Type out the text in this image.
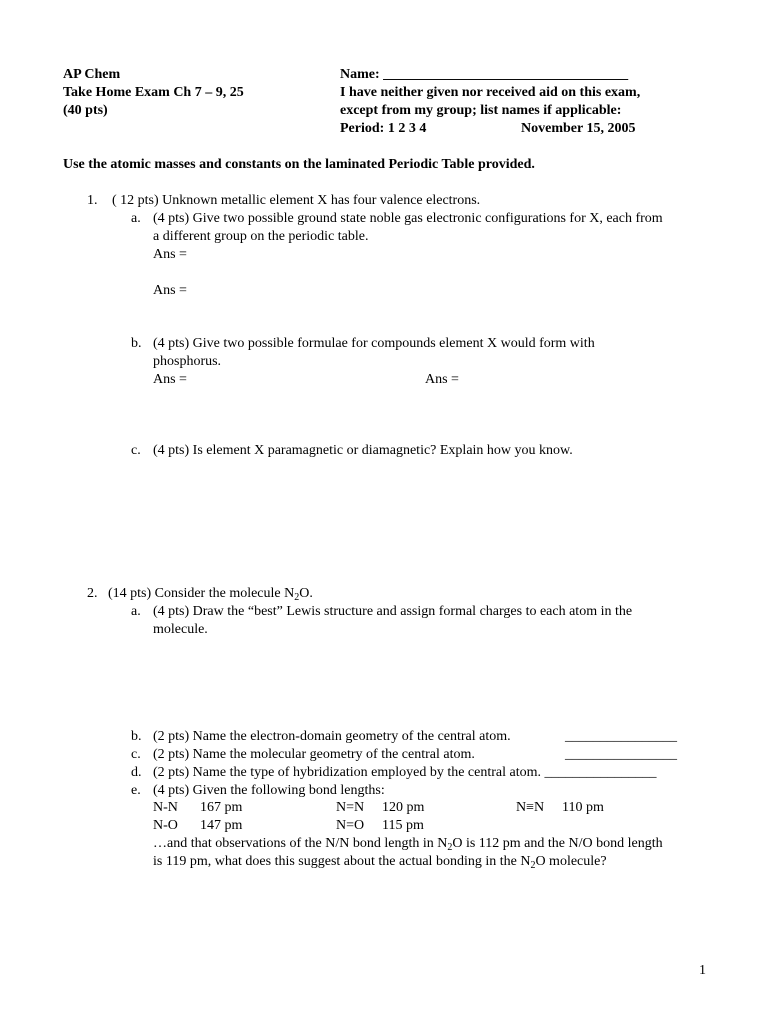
AP Chem
Take Home Exam Ch 7 – 9, 25
(40 pts)
Name: ___________________________________
I have neither given nor received aid on this exam,
except from my group; list names if applicable:
Period: 1 2 3 4	November 15, 2005
Use the atomic masses and constants on the laminated Periodic Table provided.
1. ( 12 pts) Unknown metallic element X has four valence electrons.
a. (4 pts) Give two possible ground state noble gas electronic configurations for X, each from
a different group on the periodic table.
Ans =
Ans =
b. (4 pts) Give two possible formulae for compounds element X would form with
phosphorus.
Ans =	Ans =
c. (4 pts) Is element X paramagnetic or diamagnetic? Explain how you know.
2. (14 pts) Consider the molecule $N_2O$.
a. (4 pts) Draw the “best” Lewis structure and assign formal charges to each atom in the
molecule.
b. (2 pts) Name the electron-domain geometry of the central atom.	________________
c. (2 pts) Name the molecular geometry of the central atom.	________________
d. (2 pts) Name the type of hybridization employed by the central atom. ________________
e. (4 pts) Given the following bond lengths:
N-N 167 pm	N=N 120 pm	N≡N 110 pm
N-O 147 pm	N=O 115 pm
…and that observations of the N/N bond length in $N_2O$ is 112 pm and the N/O bond length
is 119 pm, what does this suggest about the actual bonding in the $N_2O$ molecule?
1
